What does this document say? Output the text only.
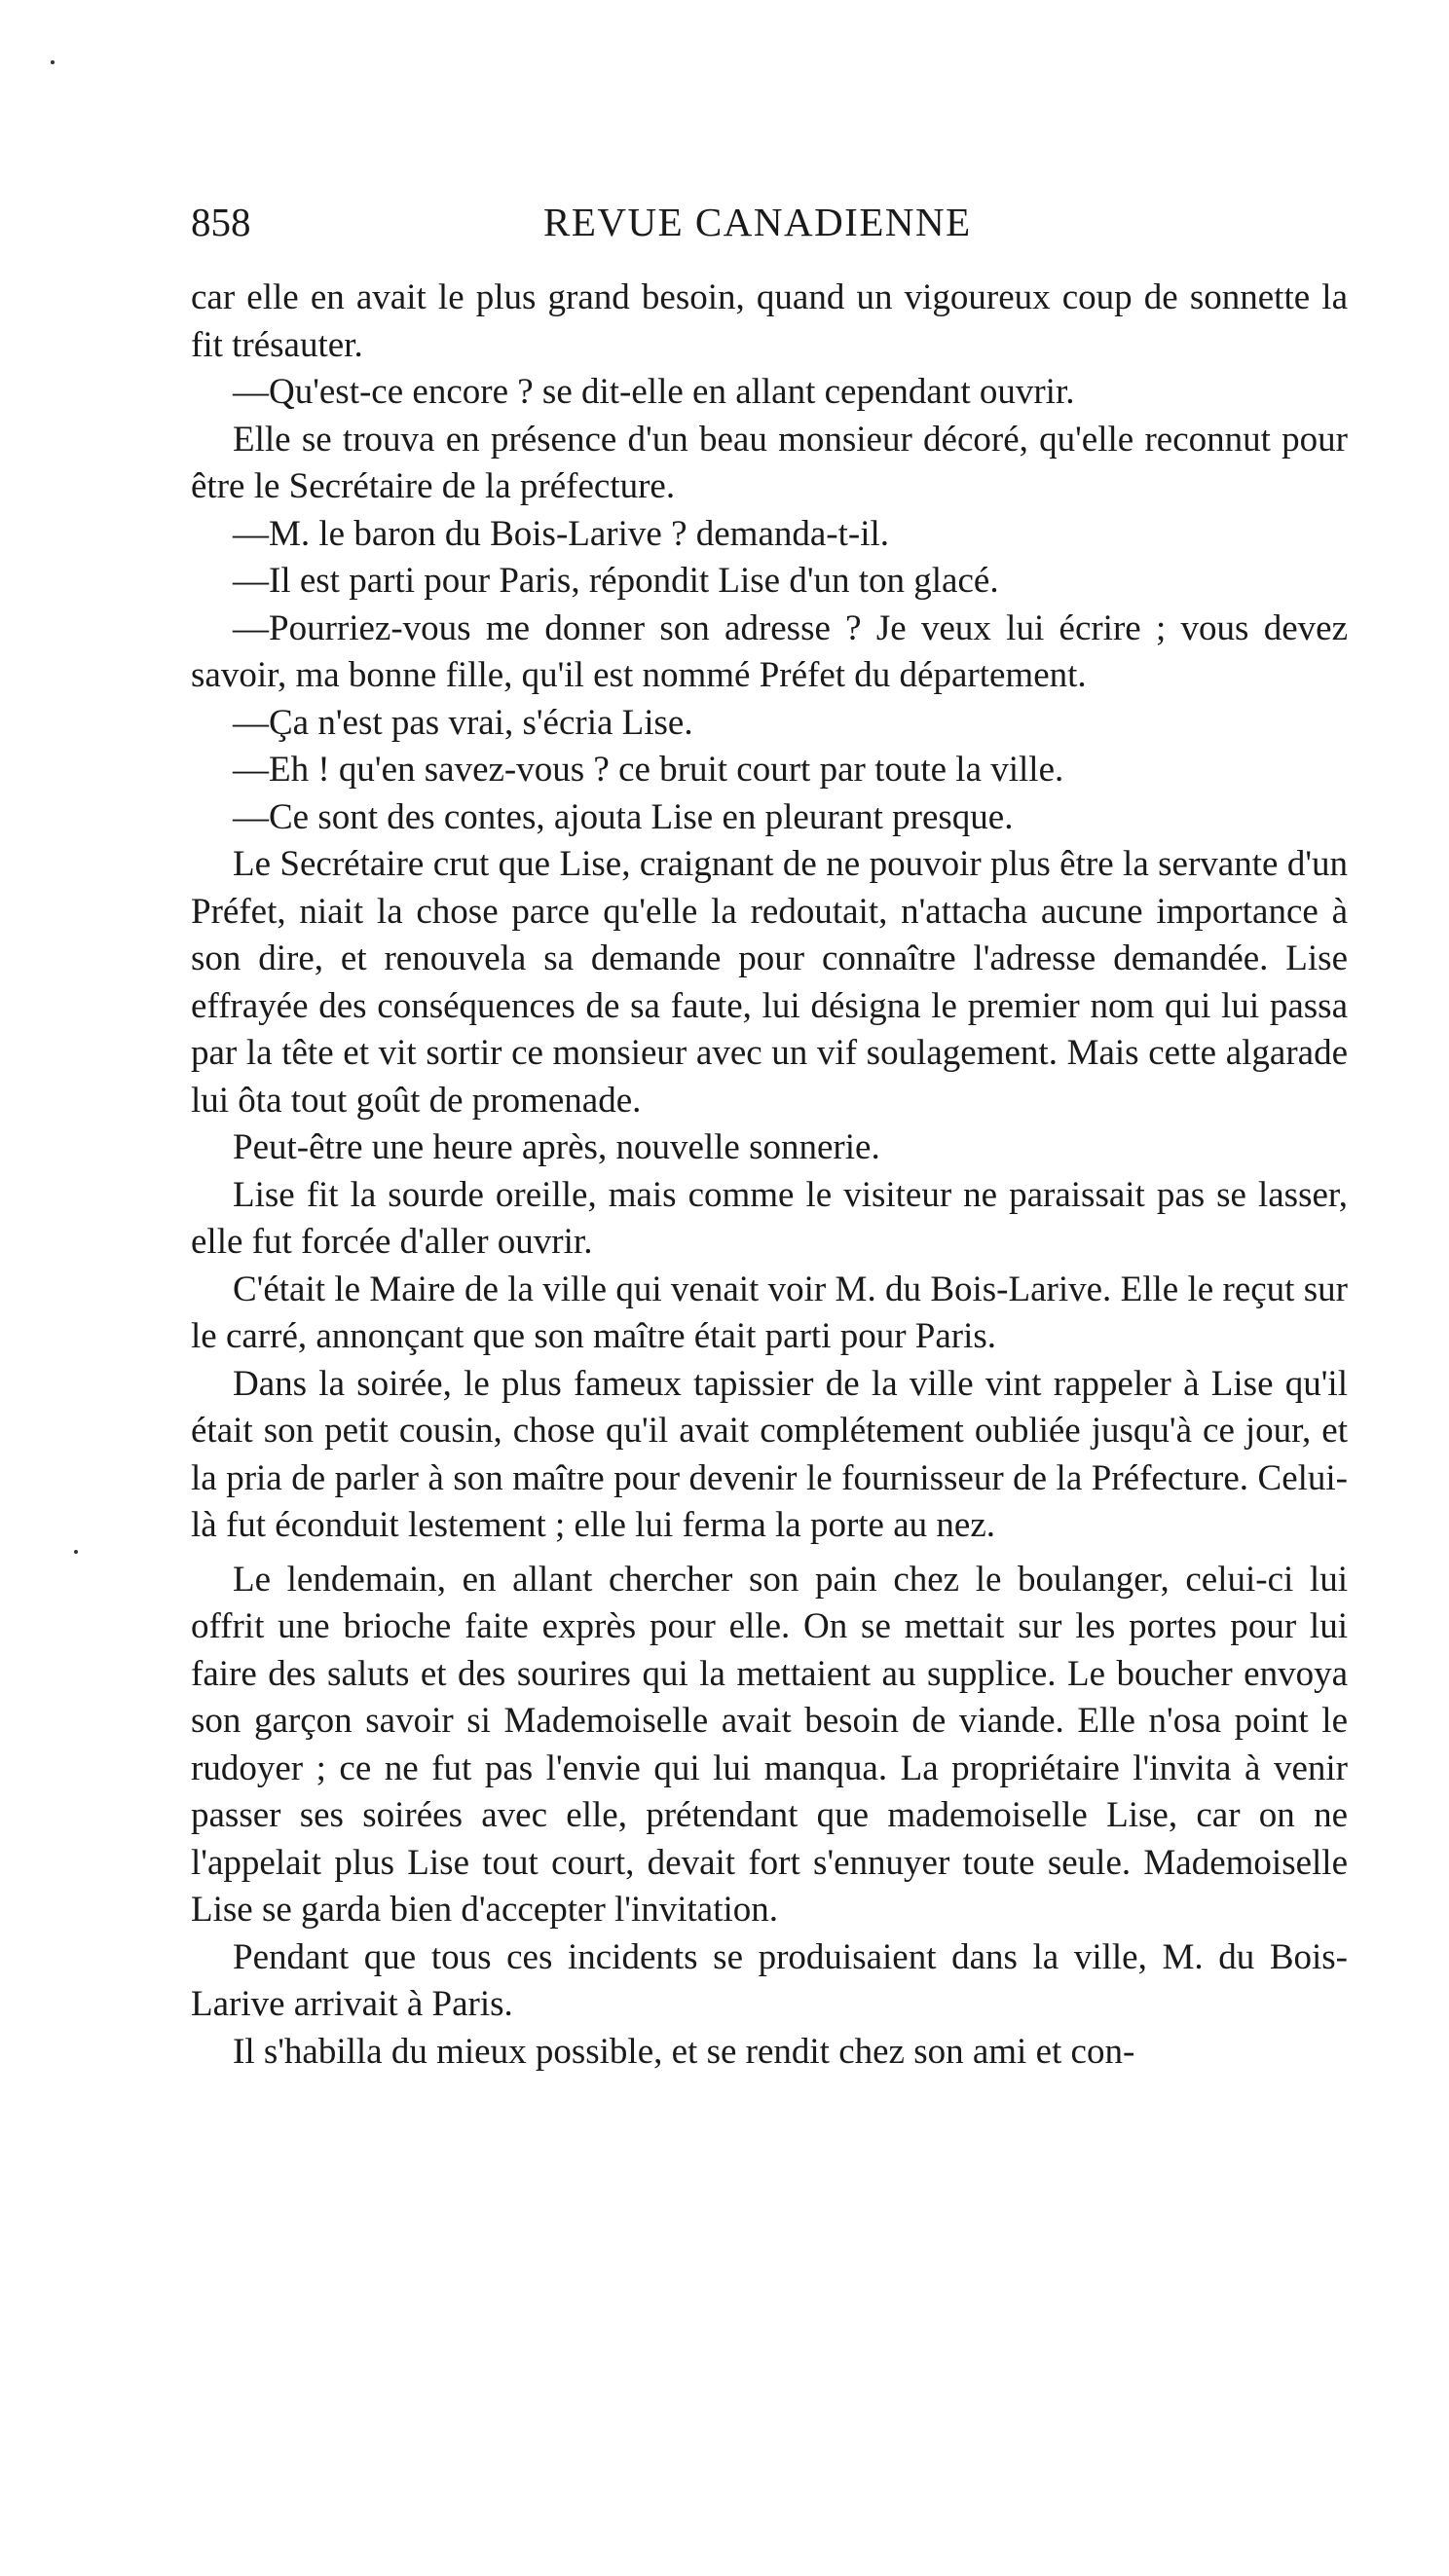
858	REVUE CANADIENNE

car elle en avait le plus grand besoin, quand un vigoureux coup de sonnette la fit trésauter.

—Qu'est-ce encore ? se dit-elle en allant cependant ouvrir.

Elle se trouva en présence d'un beau monsieur décoré, qu'elle reconnut pour être le Secrétaire de la préfecture.

—M. le baron du Bois-Larive ? demanda-t-il.

—Il est parti pour Paris, répondit Lise d'un ton glacé.

—Pourriez-vous me donner son adresse ? Je veux lui écrire ; vous devez savoir, ma bonne fille, qu'il est nommé Préfet du département.

—Ça n'est pas vrai, s'écria Lise.

—Eh ! qu'en savez-vous ? ce bruit court par toute la ville.

—Ce sont des contes, ajouta Lise en pleurant presque.

Le Secrétaire crut que Lise, craignant de ne pouvoir plus être la servante d'un Préfet, niait la chose parce qu'elle la redoutait, n'attacha aucune importance à son dire, et renouvela sa demande pour connaître l'adresse demandée. Lise effrayée des conséquences de sa faute, lui désigna le premier nom qui lui passa par la tête et vit sortir ce monsieur avec un vif soulagement. Mais cette algarade lui ôta tout goût de promenade.

Peut-être une heure après, nouvelle sonnerie.

Lise fit la sourde oreille, mais comme le visiteur ne paraissait pas se lasser, elle fut forcée d'aller ouvrir.

C'était le Maire de la ville qui venait voir M. du Bois-Larive. Elle le reçut sur le carré, annonçant que son maître était parti pour Paris.

Dans la soirée, le plus fameux tapissier de la ville vint rappeler à Lise qu'il était son petit cousin, chose qu'il avait complétement oubliée jusqu'à ce jour, et la pria de parler à son maître pour devenir le fournisseur de la Préfecture. Celui-là fut éconduit lestement ; elle lui ferma la porte au nez.

Le lendemain, en allant chercher son pain chez le boulanger, celui-ci lui offrit une brioche faite exprès pour elle. On se mettait sur les portes pour lui faire des saluts et des sourires qui la mettaient au supplice. Le boucher envoya son garçon savoir si Mademoiselle avait besoin de viande. Elle n'osa point le rudoyer ; ce ne fut pas l'envie qui lui manqua. La propriétaire l'invita à venir passer ses soirées avec elle, prétendant que mademoiselle Lise, car on ne l'appelait plus Lise tout court, devait fort s'ennuyer toute seule. Mademoiselle Lise se garda bien d'accepter l'invitation.

Pendant que tous ces incidents se produisaient dans la ville, M. du Bois-Larive arrivait à Paris.

Il s'habilla du mieux possible, et se rendit chez son ami et con-
